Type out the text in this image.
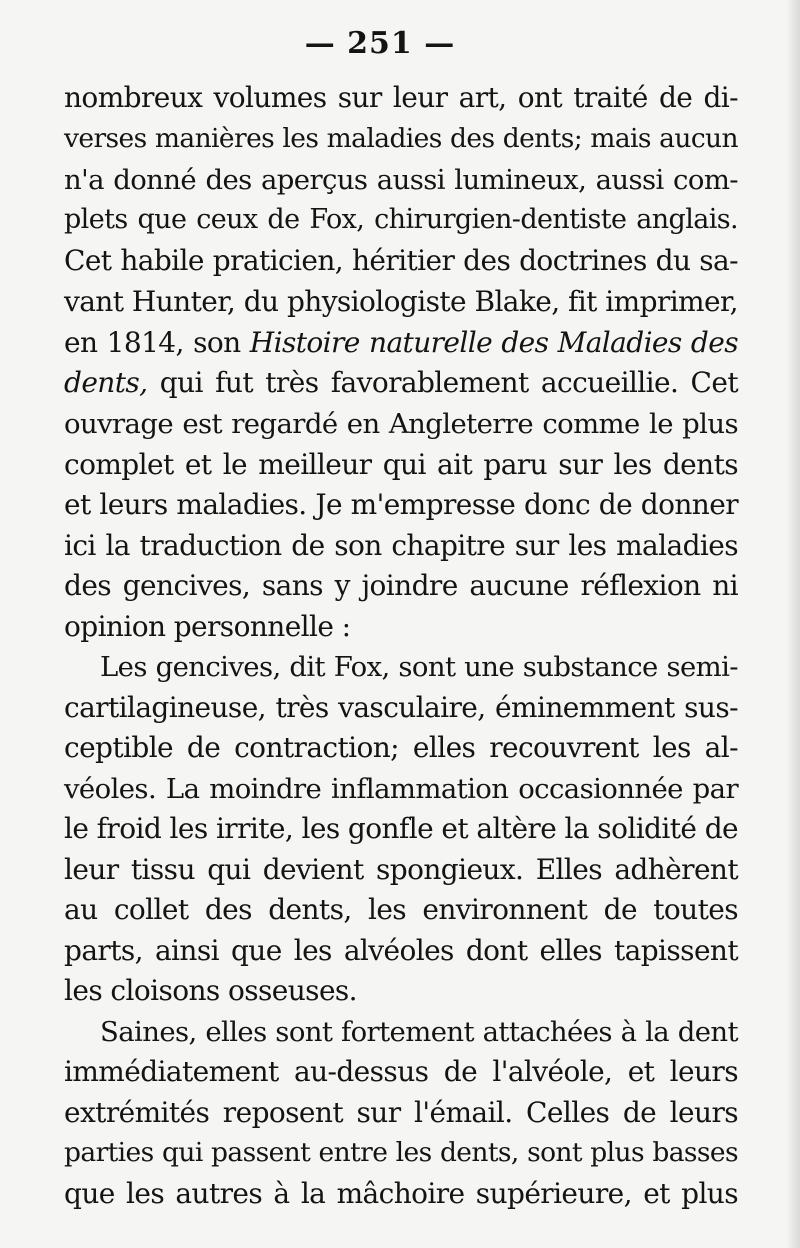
— 251 —
nombreux volumes sur leur art, ont traité de di-
verses manières les maladies des dents; mais aucun
n'a donné des aperçus aussi lumineux, aussi com-
plets que ceux de Fox, chirurgien-dentiste anglais.
Cet habile praticien, héritier des doctrines du sa-
vant Hunter, du physiologiste Blake, fit imprimer,
en 1814, son Histoire naturelle des Maladies des
dents, qui fut très favorablement accueillie. Cet
ouvrage est regardé en Angleterre comme le plus
complet et le meilleur qui ait paru sur les dents
et leurs maladies. Je m'empresse donc de donner
ici la traduction de son chapitre sur les maladies
des gencives, sans y joindre aucune réflexion ni
opinion personnelle :
Les gencives, dit Fox, sont une substance semi-
cartilagineuse, très vasculaire, éminemment sus-
ceptible de contraction; elles recouvrent les al-
véoles. La moindre inflammation occasionnée par
le froid les irrite, les gonfle et altère la solidité de
leur tissu qui devient spongieux. Elles adhèrent
au collet des dents, les environnent de toutes
parts, ainsi que les alvéoles dont elles tapissent
les cloisons osseuses.
Saines, elles sont fortement attachées à la dent
immédiatement au-dessus de l'alvéole, et leurs
extrémités reposent sur l'émail. Celles de leurs
parties qui passent entre les dents, sont plus basses
que les autres à la mâchoire supérieure, et plus
